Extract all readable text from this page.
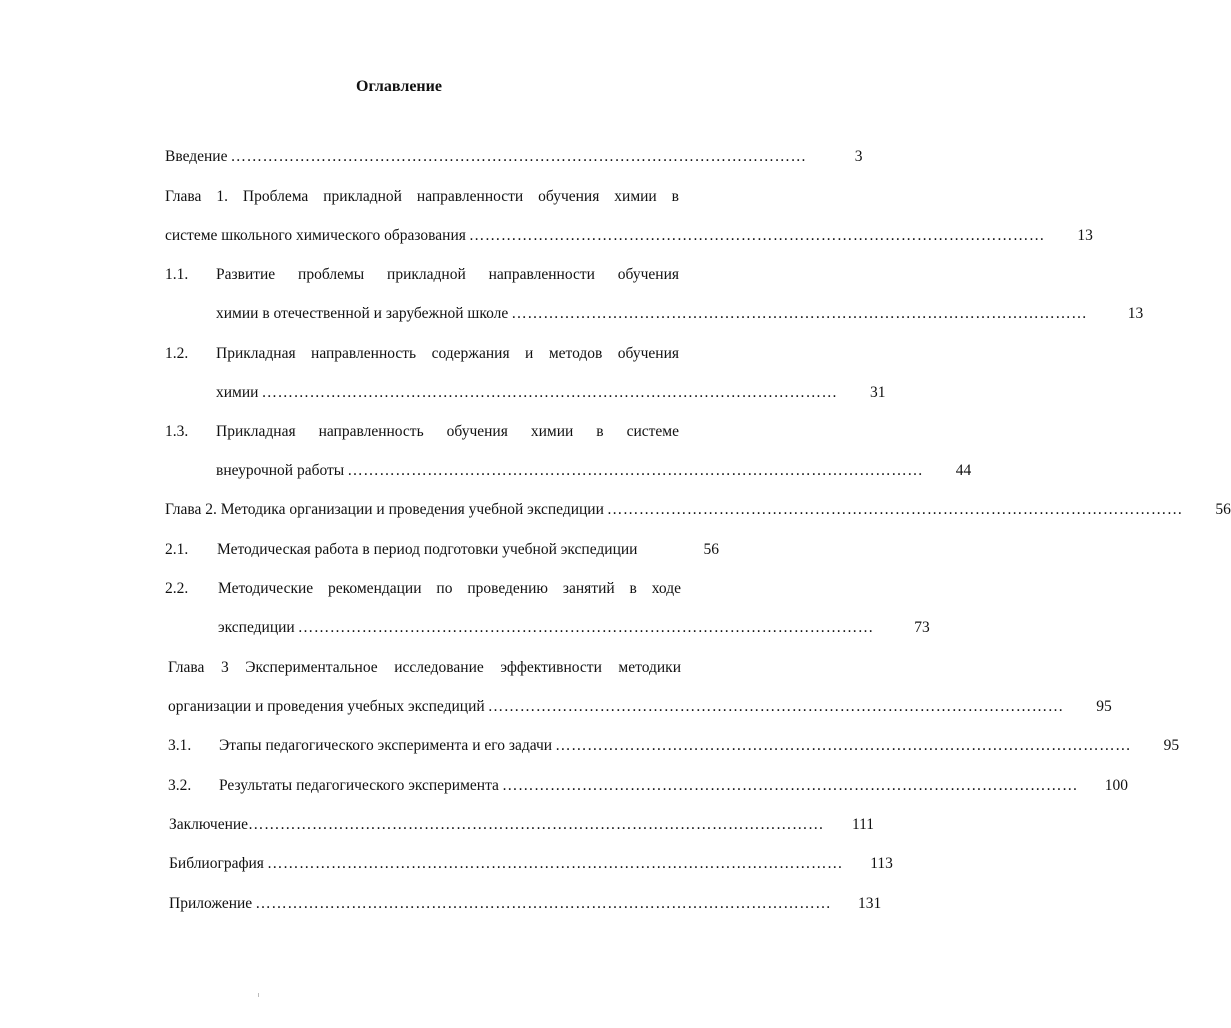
Оглавление
Введение ………………………………………………………………………………………………	3
Глава 1. Проблема прикладной направленности обучения химии в
системе школьного химического образования ………………………………………………………………………………………………	13
1.1. Развитие проблемы прикладной направленности обучения
химии в отечественной и зарубежной школе ………………………………………………………………………………………………	13
1.2. Прикладная направленность содержания и методов обучения
химии ………………………………………………………………………………………………	31
1.3. Прикладная направленность обучения химии в системе
внеурочной работы ………………………………………………………………………………………………	44
Глава 2. Методика организации и проведения учебной экспедиции ………………………………………………………………………………………………	56
2.1. Методическая работа в период подготовки учебной экспедиции	56
2.2. Методические рекомендации по проведению занятий в ходе
экспедиции ………………………………………………………………………………………………	73
Глава 3 Экспериментальное исследование эффективности методики
организации и проведения учебных экспедиций ………………………………………………………………………………………………	95
3.1. Этапы педагогического эксперимента и его задачи ………………………………………………………………………………………………	95
3.2. Результаты педагогического эксперимента ………………………………………………………………………………………………	100
Заключение ………………………………………………………………………………………………	111
Библиография ………………………………………………………………………………………………	113
Приложение ………………………………………………………………………………………………	131
